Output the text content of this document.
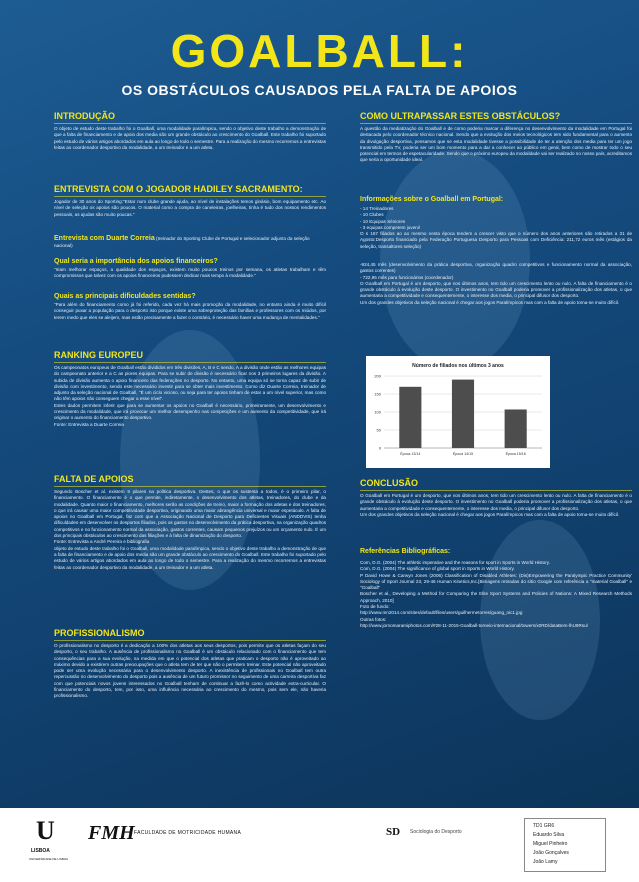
GOALBALL:
OS OBSTÁCULOS CAUSADOS PELA FALTA DE APOIOS
INTRODUÇÃO
O objeto de estudo deste trabalho foi o Goalball, uma modalidade paralímpica, sendo o objetivo deste trabalho a demonstração de que a falta de financiamento e de apoio dos media são um grande obstáculo ao crescimento do Goalball. Este trabalho foi suportado pelo estudo de vários artigos abordados em aula ao longo de todo o semestre. Para a realização do mesmo recorremos a entrevistas feitas ao coordenador desportivo da modalidade, a um treinador e a um atleta.
ENTREVISTA COM O JOGADOR HADILEY SACRAMENTO:
Jogador de 30 anos do Sporting:"Estar num clube grande ajuda, ao nível de instalações temos ginásio, bom equipamento etc. Ao nível de seleção os apoios são poucos. O material como a compra de caneleiras, joelheiras, tinha é tudo dos nossos rendimentos pessoais, as ajudas são muito poucas."
Entrevista com Duarte Correia (treinador do Sporting Clube de Portugal e selecionador adjunto da seleção nacional)
Qual seria a importância dos apoios financeiros?
"Iriam melhorar espaços, a qualidade dos espaços, existem muito poucos treinos por semana, os atletas trabalham e têm compromissos que talvez com os apoios financeiros pudessem dedicar mais tempo à modalidade."
Quais as principais dificuldades sentidas?
"Para além do financiamento como já foi referido, cada vez há mais promoção da modalidade, no entanto ainda é muito difícil conseguir puxar a população para o desporto isto porque existe uma sobreproteção das famílias e professores com os miúdos, por terem medo que eles se aleijem, mas estão precisamente a fazer o contrário, é necessário haver uma mudança de mentalidades."
RANKING EUROPEU
Os campeonatos europeus de Goalball estão divididos em três divisões, A, B e C sendo, A a divisão onde estão as melhores equipas do campeonato anterior e a C as piores equipas. Para se subir de divisão é necessário ficar nos 3 primeiros lugares da divisão. A subida de divisão aumenta o apoio financeiro das federações no desporto. No entanto, uma equipa só se torna capaz de subir de divisão com investimento, sendo este necessário investir para se obter mais investimento. Como diz Duarte Correia, treinador de adjunto da seleção nacional de Goalball, "É um ciclo vicioso, ou seja para ter apoios tinham de estar a um nível superior, mas como não têm apoios não conseguem chegar a esse nível".
Estes dados permitem inferir que para se aumentar os apoios no Goalball é necessário, primeiramente, um desenvolvimento e crescimento da modalidade, que irá provocar um melhor desempenho nas competições e um aumento da competitividade, que irá originar o aumento do financiamento desportivo.
Fonte: Entrevista a Duarte Correia
FALTA DE APOIOS
Segundo Boscher et al. existem 9 pilares na política desportiva. Destes, o que os sustenta a todos, é o primeiro pilar, o financiamento. O financiamento é o que permite, indiretamente, o desenvolvimento dos atletas, treinadores, do clube e da modalidade. Quanto maior o financiamento, melhores serão as condições de treino, maior a formação dos atletas e dos treinadores, o que irá causar uma maior competitividade desportiva, originando uma maior abrangência universal e maior espetáculo. A falta de apoios no Goalball em Portugal, faz com que a Associação Nacional de Desporto para Deficientes Visuais (ANDDVIS) tenha dificuldades em desenvolver os desportos filiados, pois os gastos no desenvolvimento da prática desportiva, na organização quadros competitivos e no funcionamento normal da associação, gastos correntes, causam pequenos prejuízos ou um orçamento nulo. É um dos principais obstáculos ao crescimento das filiações e à falta de dinamização do desporto.
Fonte: Entrevista a André Pereira e bibliografia
objeto de estudo deste trabalho foi o Goalball, uma modalidade paralímpica, sendo o objetivo deste trabalho a demonstração de que a falta de financiamento e de apoio dos media são um grande obstáculo ao crescimento do Goalball. Este trabalho foi suportado pelo estudo de vários artigos abordados em aula ao longo de todo o semestre. Para a realização do mesmo recorremos a entrevistas feitas ao coordenador desportivo da modalidade, a um treinador e a um atleta.
PROFISSIONALISMO
O profissionalismo no desporto é a dedicação a 100% dos atletas aos seus desportos, pois permite que os atletas façam do seu desporto, o seu trabalho. A ausência de profissionalismo no Goalball é um obstáculo relacionado com o financiamento que tem consequências para a sua evolução, na medida em que o potencial dos atletas que praticam o desporto não é aproveitado ao máximo devido a existirem outras preocupações que o atleta tem de ter que não o permitem treinar. Este potencial não aproveitado pode ser uma evolução necessária para o desenvolvimento desporto. A inexistência de profissionais no Goalball tem outra repercussão no desenvolvimento do desporto pois a ausência de um futuro promissor no seguimento de uma carreira desportiva faz com que potenciais novos jovens interessados no Goalball tenham de continuar a fazê-lo como actividade extra-curricular. O financiamento do desporto, tem, por isso, uma influência necessária ao crescimento do mesmo, pois sem ele, não haveria profissionalismo.
COMO ULTRAPASSAR ESTES OBSTÁCULOS?
A questão da mediatização do Goalball e de como poderia marcar a diferença no desenvolvimento da modalidade em Portugal foi destacada pelo coordenador técnico nacional. Sendo que a evolução dos meios tecnológicos tem sido fundamental para o aumento da divulgação desportiva, pensamos que se esta modalidade tivesse a possibilidade de ter a atenção dos media para ter um jogo transmitido pela TV, poderia ser um bom momento para a dar a conhecer ao público em geral, bem como de mostrar todo o seu potencial em termos de espetacularidade. Sendo que o próximo europeu da modalidade vai ser realizado no nosso país, acreditamos que seria a oportunidade ideal.
Informações sobre o Goalball em Portugal:
- 14 Treinadores
- 10 Clubes
- 10 Equipas Séniores
- 3 equipas competem juvenil
O s 167 filiados ao ao mesmo nesta época tendem a crescer visto que o número dos anos anteriores são retirados a 31 de Agosto:Desporto financiado pela Federação Portuguesa Desporto para Pessoas com Deficiência: 211,72 euros mês (estágios da seleção, transaltores seleção)
-924,45 mês (desenvolvimento da prática desportiva, organização quadro competitivos e funcionamento normal da associação, gastos correntes)
- 722,95 mês para funcionários (coordenador)
O Goalball em Portugal é um desporto, que nos últimos anos, tem tido um crescimento lento ou nulo. A falta de financiamento é o grande obstáculo à evolução deste desporto. O investimento no Goalball poderia promover a profissionalização dos atletas, o que aumentaria a competitividade e consequentemente, o interesse dos media, o principal difusor dos desporto.
Um dos grandes objetivos da seleção nacional é chegar aos jogos Paralímpicos mas com a falta de apoio torna-se muito difícil.
Número de filiados nos últimos 3 anos
0
50
100
150
200
Época 13/14	Época 14/15	Época 15/16
CONCLUSÃO
O Goalball em Portugal é um desporto, que nos últimos anos, tem tido um crescimento lento ou nulo. A falta de financiamento é o grande obstáculo à evolução deste desporto. O investimento no Goalball poderia promover a profissionalização dos atletas, o que aumentaria a competitividade e consequentemente, o interesse dos media, o principal difusor dos desporto.
Um dos grandes objetivos da seleção nacional é chegar aos jogos Paralímpicos mas com a falta de apoio torna-se muito difícil.
Referências Bibliográficas:
Com, D.G. (2004) The athletic imperative and the reasons for sport in Sports in World History.
Com, D.G. (2004) The significance of global sport in Sports in World History.
P David Howe & Carwyn Jones (2006) Classification of Disabled Athletes: (Dis)Empowering the Paralympic Practice Community' Sociology of Sport Journal 23, 29-46 Human Kinetics,Inc.[Bimagens retiradas do sítio Google com referência a "material Goalball" e "Goalball"
Boscher et al., Developing a Method for Comparing the Elite Sport Systems and Policies of Nations: A Mixed Research Methods Approach, 2010]
Foto de fundo:
http://www.mn2014.com/sites/default/files/users/guilhermetorres/guang_nic1.jpg
Outras fotos:
http://www.jornomaramiphotos.com/#28-11-2015-Goalball-torneio-internacional/towers/x0RD/dataBem-lhU9Rsul
U
LISBOA
UNIVERSIDADE DE LISBOA
FMH FACULDADE DE MOTRICIDADE HUMANA	SD Sociologia do Desporto
TD1 GR6
Eduardo Silva
Miguel Pinheiro
João Gonçalves
João Lamy
